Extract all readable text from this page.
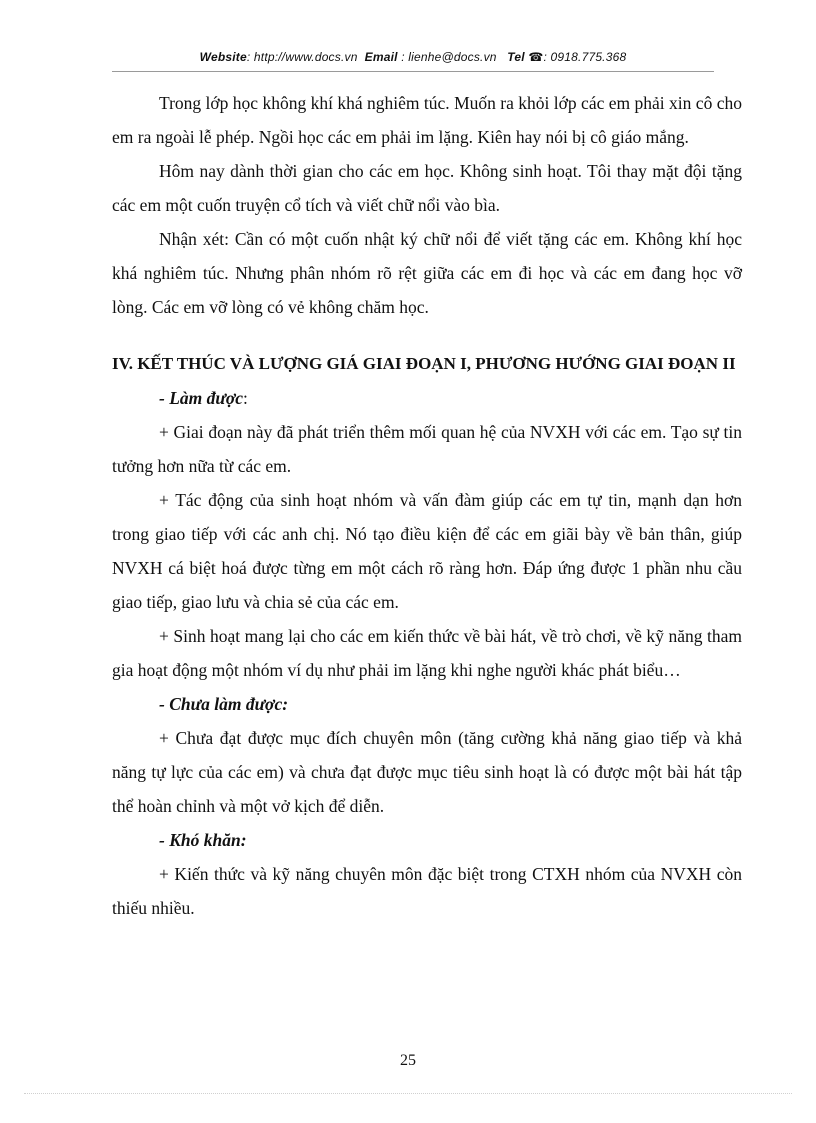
Website: http://www.docs.vn Email : lienhe@docs.vn Tel ☎: 0918.775.368

Trong lớp học không khí khá nghiêm túc. Muốn ra khỏi lớp các em phải xin cô cho em ra ngoài lễ phép. Ngồi học các em phải im lặng. Kiên hay nói bị cô giáo mắng.

Hôm nay dành thời gian cho các em học. Không sinh hoạt. Tôi thay mặt đội tặng các em một cuốn truyện cổ tích và viết chữ nổi vào bìa.

Nhận xét: Cần có một cuốn nhật ký chữ nổi để viết tặng các em. Không khí học khá nghiêm túc. Nhưng phân nhóm rõ rệt giữa các em đi học và các em đang học vỡ lòng. Các em vỡ lòng có vẻ không chăm học.

IV. KẾT THÚC VÀ LƯỢNG GIÁ GIAI ĐOẠN I, PHƯƠNG HƯỚNG GIAI ĐOẠN II

- Làm được:

+ Giai đoạn này đã phát triển thêm mối quan hệ của NVXH với các em. Tạo sự tin tưởng hơn nữa từ các em.

+ Tác động của sinh hoạt nhóm và vấn đàm giúp các em tự tin, mạnh dạn hơn trong giao tiếp với các anh chị. Nó tạo điều kiện để các em giãi bày về bản thân, giúp NVXH cá biệt hoá được từng em một cách rõ ràng hơn. Đáp ứng được 1 phần nhu cầu giao tiếp, giao lưu và chia sẻ của các em.

+ Sinh hoạt mang lại cho các em kiến thức về bài hát, về trò chơi, về kỹ năng tham gia hoạt động một nhóm ví dụ như phải im lặng khi nghe người khác phát biểu…

- Chưa làm được:

+ Chưa đạt được mục đích chuyên môn (tăng cường khả năng giao tiếp và khả năng tự lực của các em) và chưa đạt được mục tiêu sinh hoạt là có được một bài hát tập thể hoàn chỉnh và một vở kịch để diễn.

- Khó khăn:

+ Kiến thức và kỹ năng chuyên môn đặc biệt trong CTXH nhóm của NVXH còn thiếu nhiều.

25
